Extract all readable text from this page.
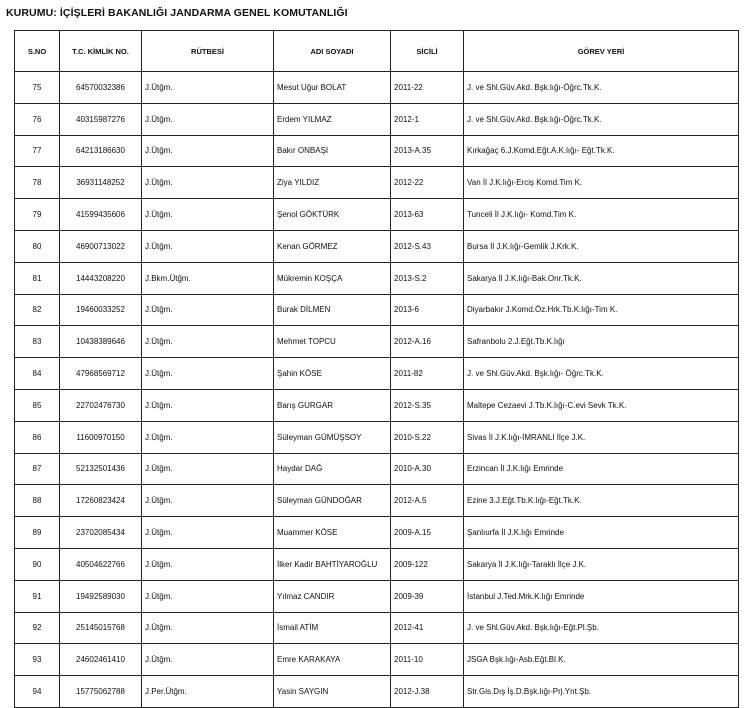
KURUMU: İÇİŞLERİ BAKANLIĞI JANDARMA GENEL KOMUTANLIĞI
S.NO	T.C. KİMLİK NO.	RÜTBESİ	ADI SOYADI	SİCİLİ	GÖREV YERİ
75	64570032386	J.Ütğm.	Mesut Uğur BOLAT	2011-22	J. ve Shl.Güv.Akd. Bşk.lığı-Öğrc.Tk.K.
76	40315987276	J.Ütğm.	Erdem YILMAZ	2012-1	J. ve Shl.Güv.Akd. Bşk.lığı-Öğrc.Tk.K.
77	64213186630	J.Ütğm.	Bakır ONBAŞI	2013-A.35	Kırkağaç 6.J.Komd.Eğt.A.K.lığı- Eğt.Tk.K.
78	36931148252	J.Ütğm.	Ziya YILDIZ	2012-22	Van İl J.K.lığı-Erciş Komd.Tim K.
79	41599435606	J.Ütğm.	Şenol GÖKTÜRK	2013-63	Tunceli İl J.K.lığı- Komd.Tim K.
80	46900713022	J.Ütğm.	Kenan GÖRMEZ	2012-S.43	Bursa İl J.K.lığı-Gemlik J.Krk.K.
81	14443208220	J.Bkm.Ütğm.	Mükremin KOŞÇA	2013-S.2	Sakarya İl J.K.lığı-Bak.Onr.Tk.K.
82	19460033252	J.Ütğm.	Burak DİLMEN	2013-6	Diyarbakır J.Komd.Öz.Hrk.Tb.K.lığı-Tim K.
83	10438389646	J.Ütğm.	Mehmet TOPCU	2012-A.16	Safranbolu 2.J.Eğt.Tb.K.lığı
84	47968569712	J.Ütğm.	Şahin KÖSE	2011-82	J. ve Shl.Güv.Akd. Bşk.lığı- Öğrc.Tk.K.
85	22702476730	J.Ütğm.	Barış GURGAR	2012-S.35	Maltepe Cezaevi J.Tb.K.lığı-C.evi Sevk Tk.K.
86	11600970150	J.Ütğm.	Süleyman GÜMÜŞSOY	2010-S.22	Sivas İl J.K.lığı-İMRANLI İlçe J.K.
87	52132501436	J.Ütğm.	Haydar DAĞ	2010-A.30	Erzincan İl J.K.lığı Emrinde
88	17260823424	J.Ütğm.	Süleyman GÜNDOĞAR	2012-A.5	Ezine 3.J.Eğt.Tb.K.lığı-Eğt.Tk.K.
89	23702085434	J.Ütğm.	Muammer KÖSE	2009-A.15	Şanlıurfa İl J.K.lığı Emrinde
90	40504622766	J.Ütğm.	İlker Kadir BAHTİYAROĞLU	2009-122	Sakarya İl J.K.lığı-Taraklı İlçe J.K.
91	19492589030	J.Ütğm.	Yılmaz CANDIR	2009-39	İstanbul J.Ted.Mrk.K.lığı Emrinde
92	25145015768	J.Ütğm.	İsmail ATİM	2012-41	J. ve Shl.Güv.Akd. Bşk.lığı-Eğt.Pl.Şb.
93	24602461410	J.Ütğm.	Emre KARAKAYA	2011-10	JSGA Bşk.lığı-Asb.Eğt.Bl.K.
94	15775062788	J.Per.Ütğm.	Yasin SAYGIN	2012-J.38	Str.Gis.Dış İş.D.Bşk.lığı-Prj.Ynt.Şb.
